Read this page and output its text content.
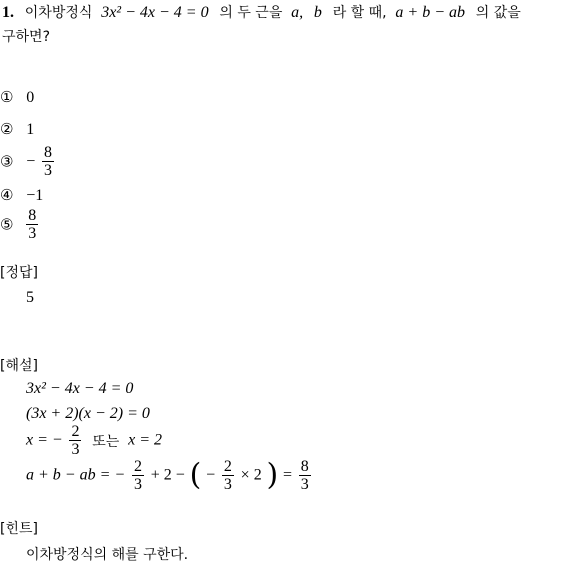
1. 이차방정식 3x² − 4x − 4 = 0 의 두 근을 a, b 라 할 때, a + b − ab 의 값을
구하면?
① 0
② 1
③ − $\frac{8}{3}$
④ −1
⑤ $\frac{8}{3}$
[정답]
5
[해설]
3x² − 4x − 4 = 0
(3x + 2)(x − 2) = 0
x = − $\frac{2}{3}$ 또는 x = 2
a + b − ab = − $\frac{2}{3} + 2$ − ( − $\frac{2}{3} \times 2$ ) = $\frac{8}{3}$
[힌트]
이차방정식의 해를 구한다.
